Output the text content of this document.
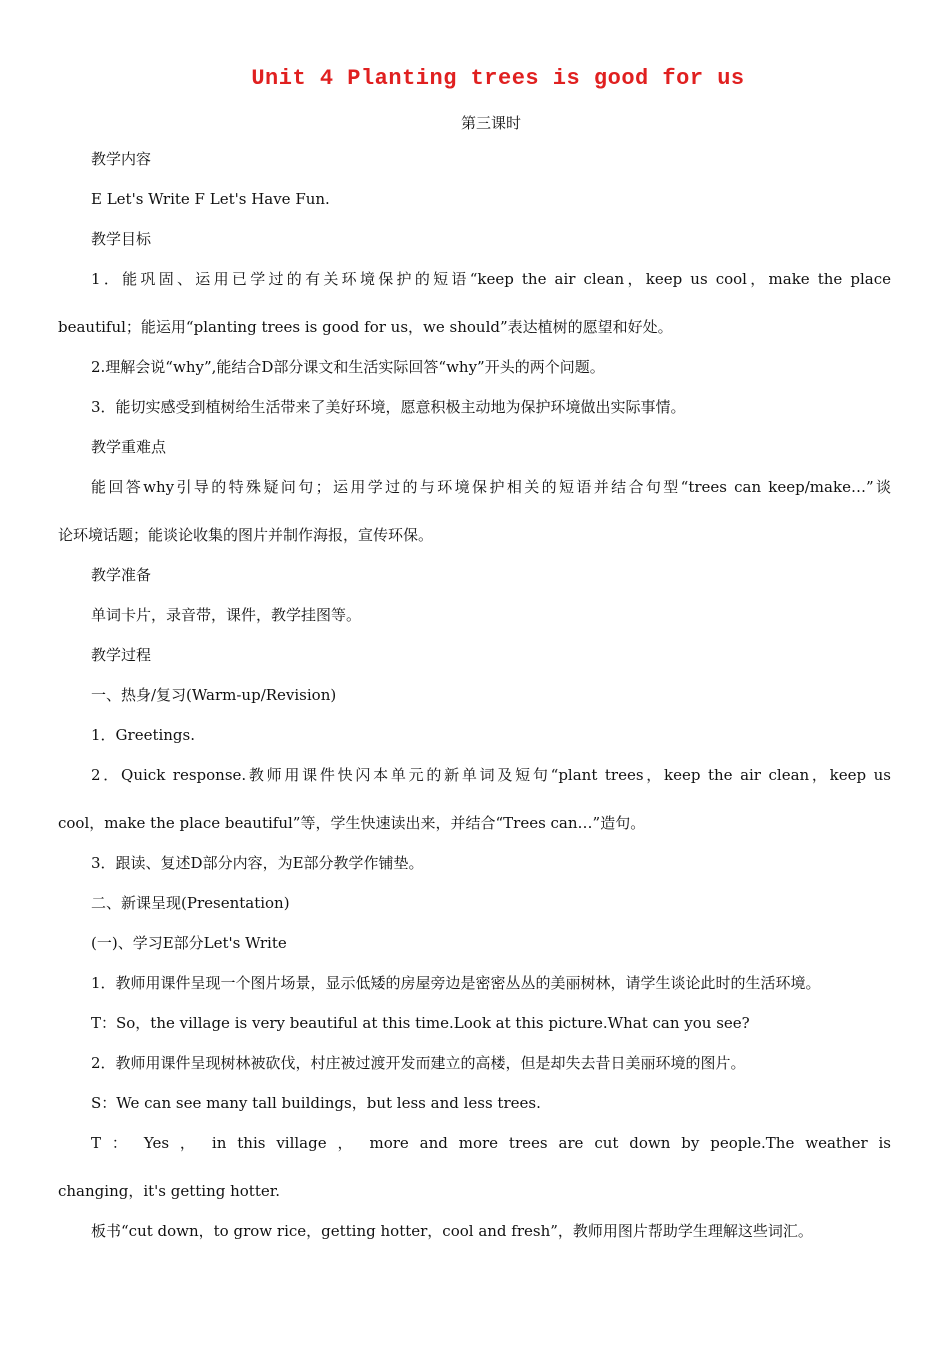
Unit 4 Planting trees is good for us
第三课时
教学内容
E Let's Write F Let's Have Fun.
教学目标
1．能巩固、运用已学过的有关环境保护的短语“keep the air clean，keep us cool，make the place
beautiful；能运用“planting trees is good for us，we should”表达植树的愿望和好处。
2.理解会说“why”,能结合D部分课文和生活实际回答“why”开头的两个问题。
3．能切实感受到植树给生活带来了美好环境，愿意积极主动地为保护环境做出实际事情。
教学重难点
能回答why引导的特殊疑问句；运用学过的与环境保护相关的短语并结合句型“trees can keep/make…”谈
论环境话题；能谈论收集的图片并制作海报，宣传环保。
教学准备
单词卡片，录音带，课件，教学挂图等。
教学过程
一、热身/复习(Warm-up/Revision)
1．Greetings.
2．Quick response.教师用课件快闪本单元的新单词及短句“plant trees，keep the air clean，keep us
cool，make the place beautiful”等，学生快速读出来，并结合“Trees can…”造句。
3．跟读、复述D部分内容，为E部分教学作铺垫。
二、新课呈现(Presentation)
(一)、学习E部分Let's Write
1．教师用课件呈现一个图片场景，显示低矮的房屋旁边是密密丛丛的美丽树林，请学生谈论此时的生活环境。
T：So，the village is very beautiful at this time.Look at this picture.What can you see?
2．教师用课件呈现树林被砍伐，村庄被过渡开发而建立的高楼，但是却失去昔日美丽环境的图片。
S：We can see many tall buildings，but less and less trees.
T ： Yes ， in this village ， more and more trees are cut down by people.The weather is
changing，it's getting hotter.
板书“cut down，to grow rice，getting hotter，cool and fresh”，教师用图片帮助学生理解这些词汇。
